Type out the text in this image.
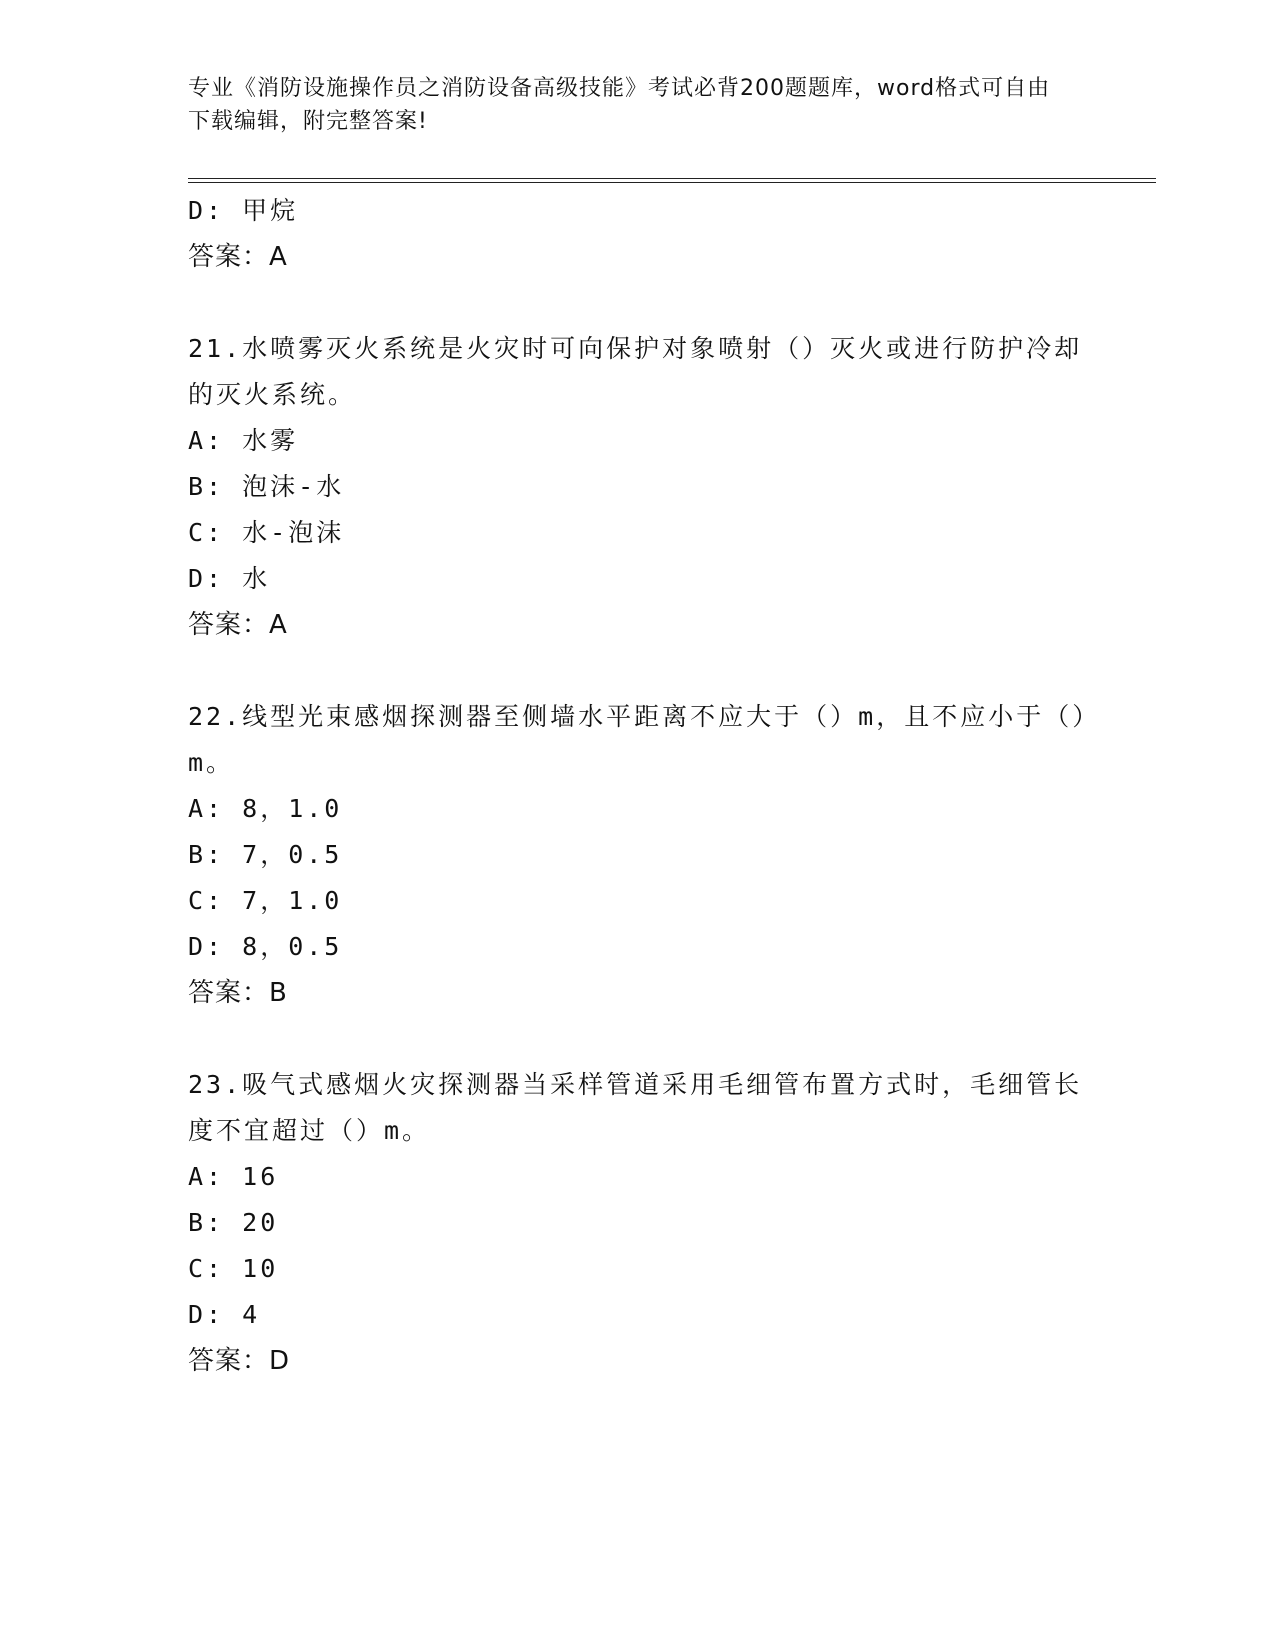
专业《消防设施操作员之消防设备高级技能》考试必背200题题库，word格式可自由下载编辑，附完整答案!
D: 甲烷
答案：A
21.水喷雾灭火系统是火灾时可向保护对象喷射（）灭火或进行防护冷却的灭火系统。
A: 水雾
B: 泡沫-水
C: 水-泡沫
D: 水
答案：A
22.线型光束感烟探测器至侧墙水平距离不应大于（）m，且不应小于（）m。
A: 8，1.0
B: 7，0.5
C: 7，1.0
D: 8，0.5
答案：B
23.吸气式感烟火灾探测器当采样管道采用毛细管布置方式时，毛细管长度不宜超过（）m。
A: 16
B: 20
C: 10
D: 4
答案：D
